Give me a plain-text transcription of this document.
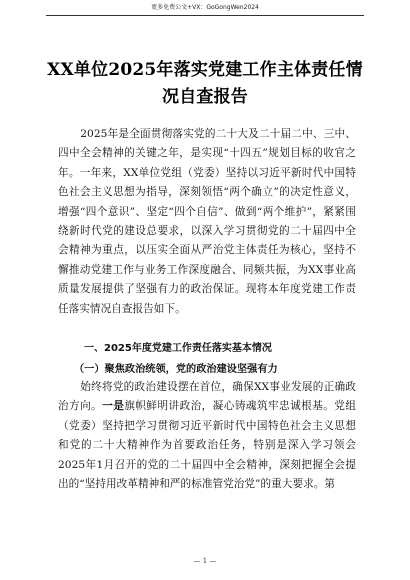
更多免费公文+VX：GoGongWen2024
XX单位2025年落实党建工作主体责任情况自查报告

2025年是全面贯彻落实党的二十大及二十届二中、三中、四中全会精神的关键之年，是实现“十四五”规划目标的收官之年。一年来，XX单位党组（党委）坚持以习近平新时代中国特色社会主义思想为指导，深刻领悟“两个确立”的决定性意义，增强“四个意识”、坚定“四个自信”、做到“两个维护”，紧紧围绕新时代党的建设总要求，以深入学习贯彻党的二十届四中全会精神为重点，以压实全面从严治党主体责任为核心，坚持不懈推动党建工作与业务工作深度融合、同频共振，为XX事业高质量发展提供了坚强有力的政治保证。现将本年度党建工作责任落实情况自查报告如下。

一、2025年度党建工作责任落实基本情况
（一）聚焦政治统领，党的政治建设坚强有力

始终将党的政治建设摆在首位，确保XX事业发展的正确政治方向。一是旗帜鲜明讲政治，凝心铸魂筑牢忠诚根基。党组（党委）坚持把学习贯彻习近平新时代中国特色社会主义思想和党的二十大精神作为首要政治任务，特别是深入学习领会2025年1月召开的党的二十届四中全会精神，深刻把握全会提出的“坚持用改革精神和严的标准管党治党”的重大要求。第

— 1 —
